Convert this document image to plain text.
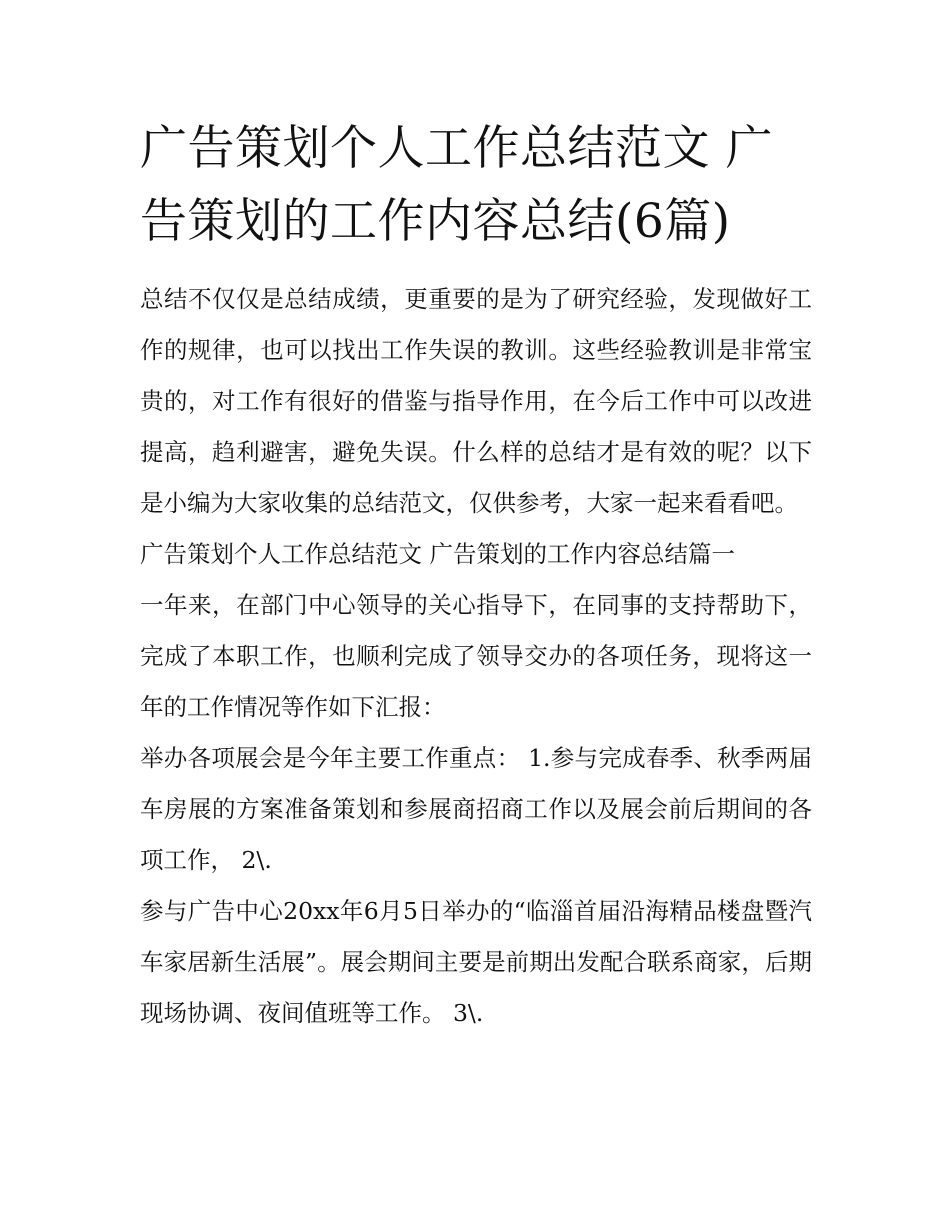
广告策划个人工作总结范文 广告策划的工作内容总结(6篇)

总结不仅仅是总结成绩，更重要的是为了研究经验，发现做好工作的规律，也可以找出工作失误的教训。这些经验教训是非常宝贵的，对工作有很好的借鉴与指导作用，在今后工作中可以改进提高，趋利避害，避免失误。什么样的总结才是有效的呢？以下是小编为大家收集的总结范文，仅供参考，大家一起来看看吧。

广告策划个人工作总结范文 广告策划的工作内容总结篇一

一年来，在部门中心领导的关心指导下，在同事的支持帮助下，完成了本职工作，也顺利完成了领导交办的各项任务，现将这一年的工作情况等作如下汇报：

举办各项展会是今年主要工作重点： 1.参与完成春季、秋季两届车房展的方案准备策划和参展商招商工作以及展会前后期间的各项工作， 2\.

参与广告中心20xx年6月5日举办的“临淄首届沿海精品楼盘暨汽车家居新生活展”。展会期间主要是前期出发配合联系商家，后期现场协调、夜间值班等工作。 3\.
